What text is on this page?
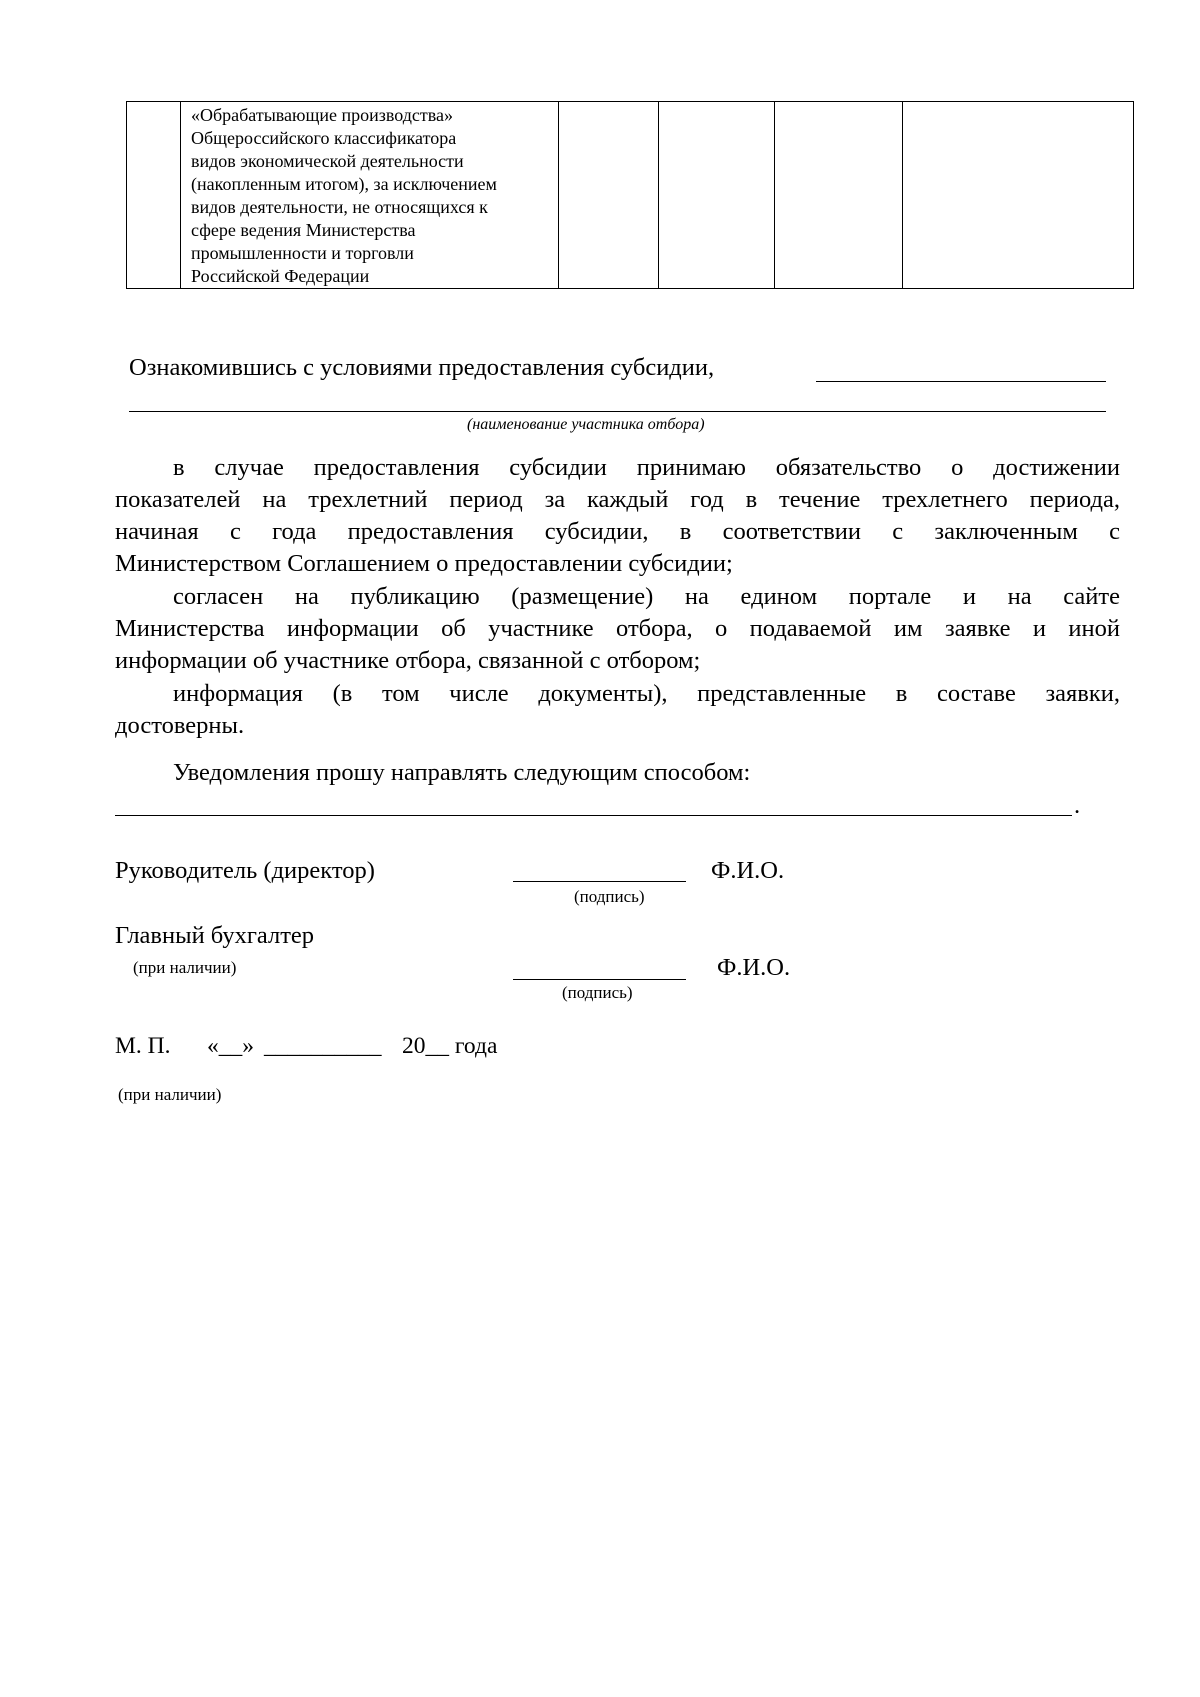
«Обрабатывающие производства»
Общероссийского классификатора
видов экономической деятельности
(накопленным итогом), за исключением
видов деятельности, не относящихся к
сфере ведения Министерства
промышленности и торговли
Российской Федерации

Ознакомившись с условиями предоставления субсидии,
(наименование участника отбора)
в случае предоставления субсидии принимаю обязательство о достижении
показателей на трехлетний период за каждый год в течение трехлетнего периода,
начиная с года предоставления субсидии, в соответствии с заключенным с
Министерством Соглашением о предоставлении субсидии;
согласен на публикацию (размещение) на едином портале и на сайте
Министерства информации об участнике отбора, о подаваемой им заявке и иной
информации об участнике отбора, связанной с отбором;
информация (в том числе документы), представленные в составе заявки,
достоверны.
Уведомления прошу направлять следующим способом:
.
Руководитель (директор)	Ф.И.О.
(подпись)
Главный бухгалтер
(при наличии)	Ф.И.О.
(подпись)
М. П. «__» __________ 20__ года
(при наличии)
